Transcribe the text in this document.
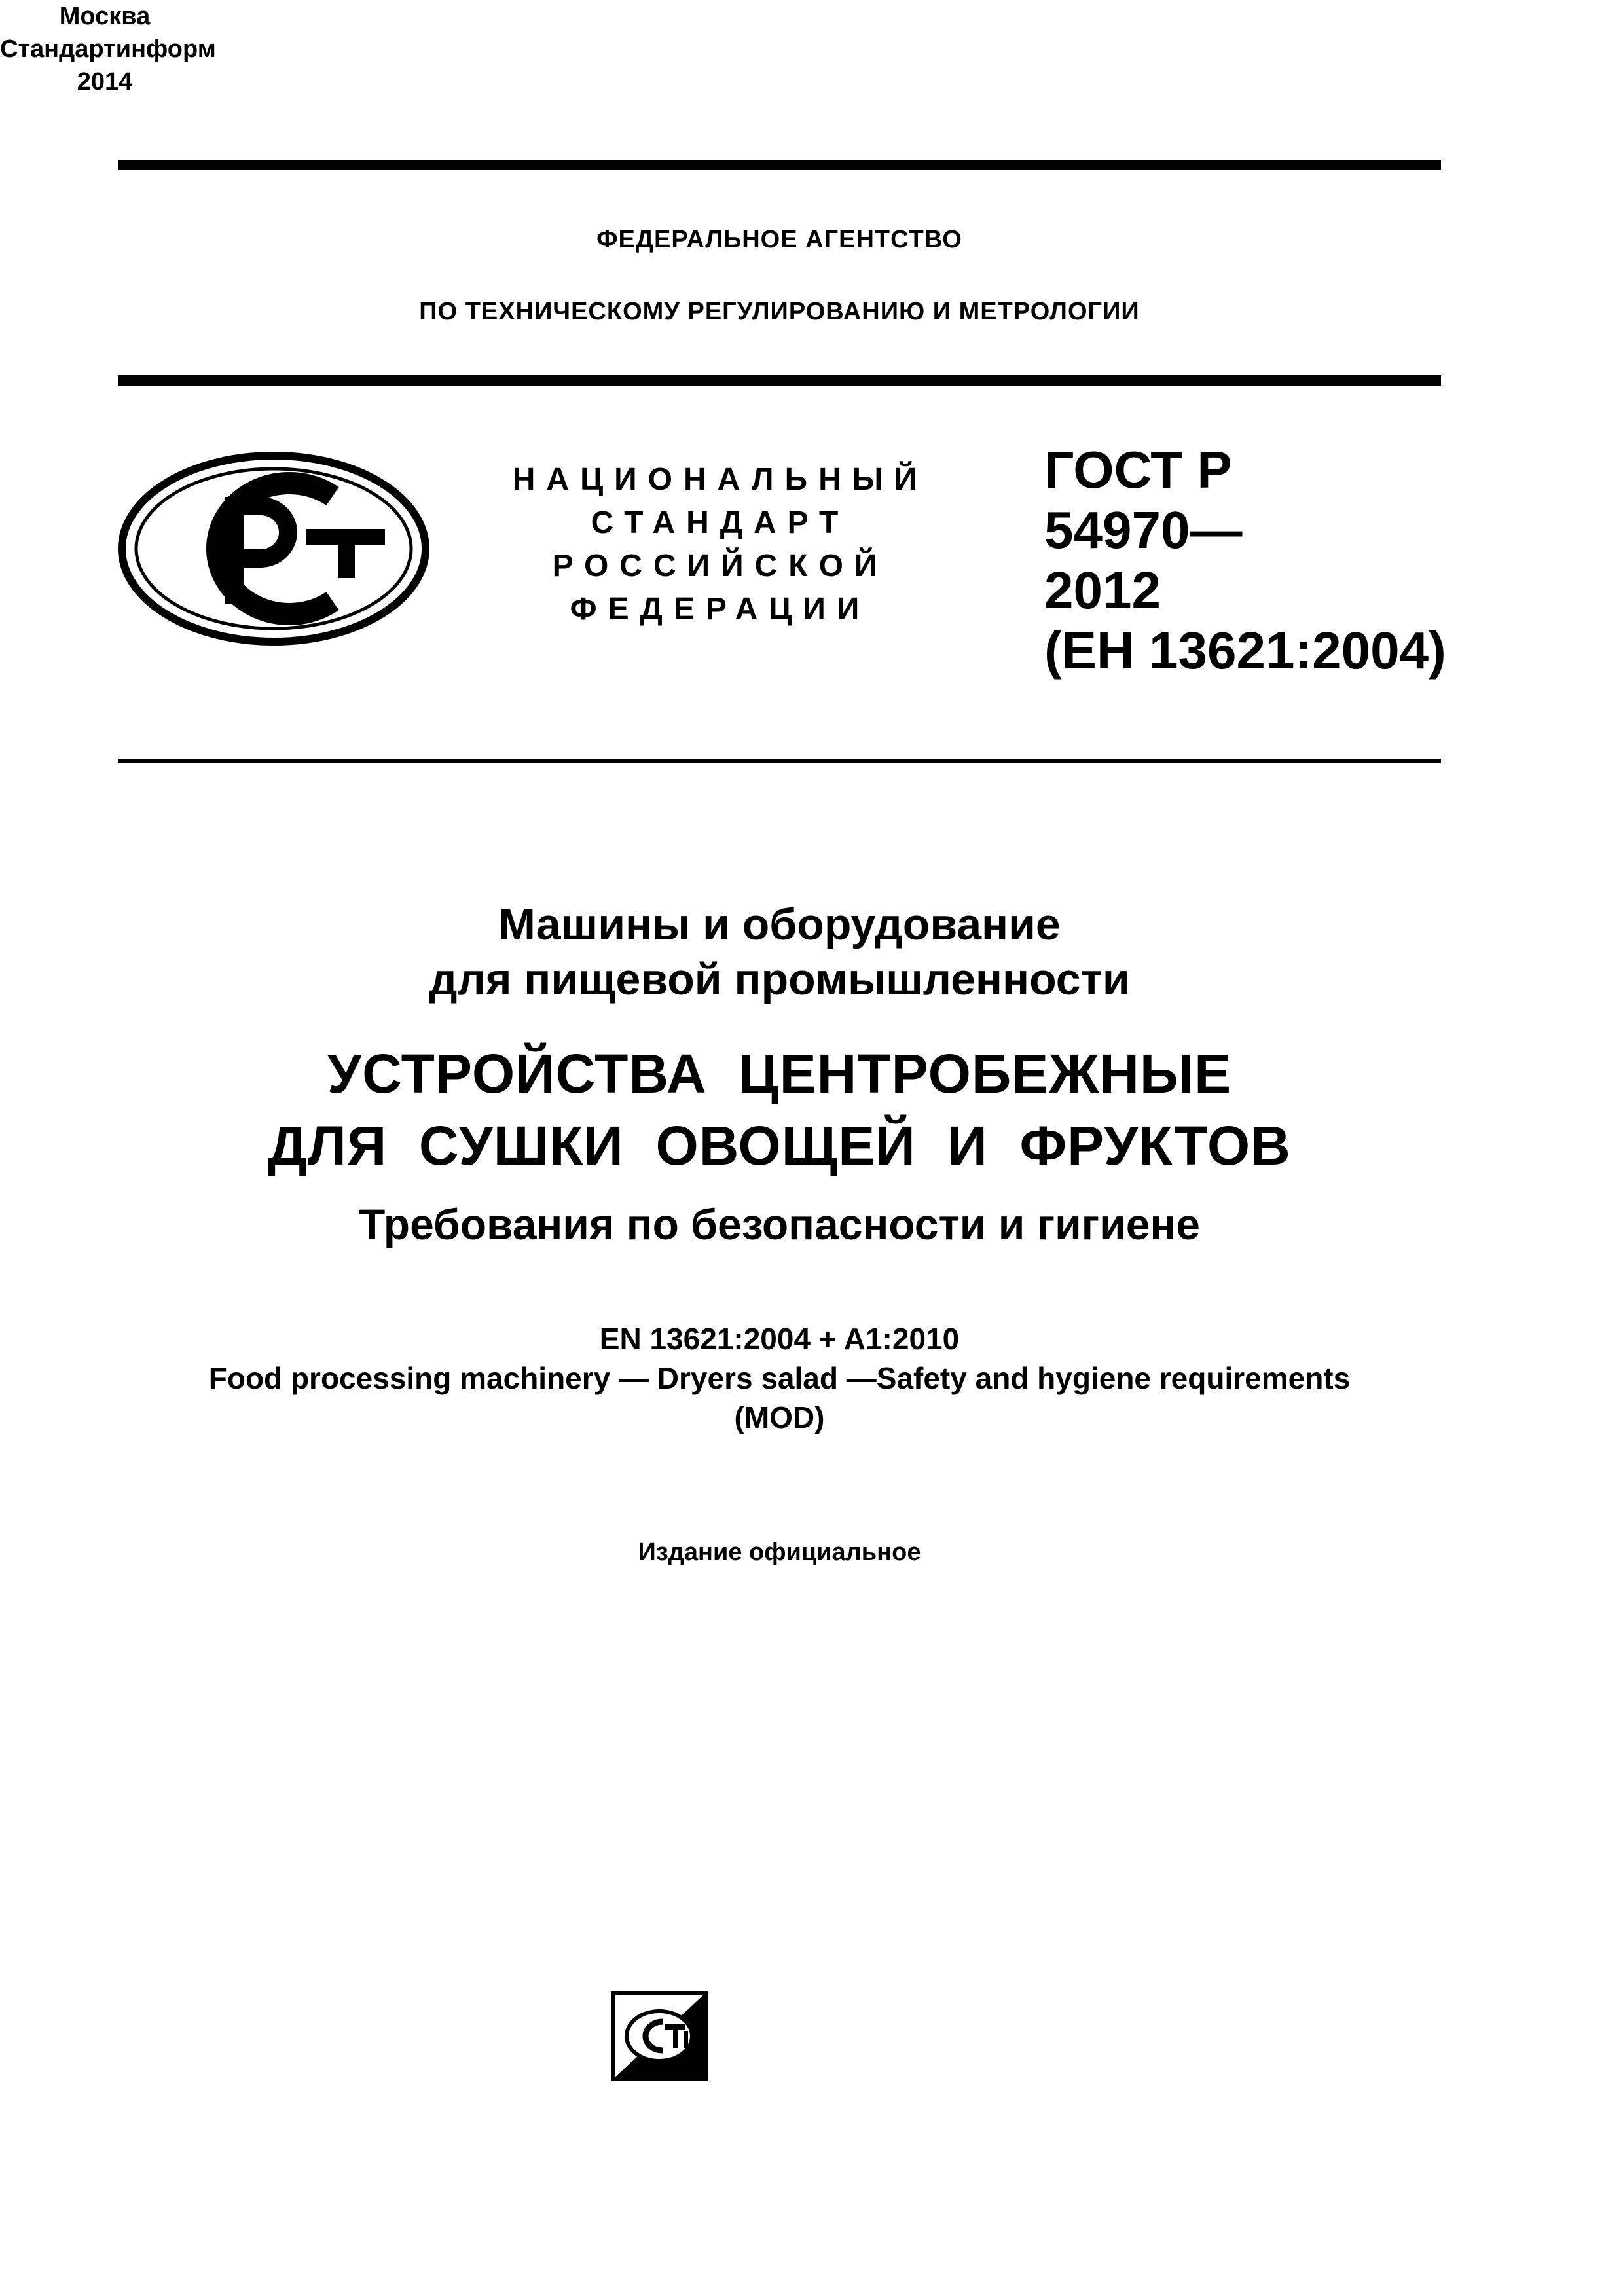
ФЕДЕРАЛЬНОЕ АГЕНТСТВО
ПО ТЕХНИЧЕСКОМУ РЕГУЛИРОВАНИЮ И МЕТРОЛОГИИ
НАЦИОНАЛЬНЫЙ
СТАНДАРТ
РОССИЙСКОЙ
ФЕДЕРАЦИИ
ГОСТ Р
54970—
2012
(ЕН 13621:2004)
Машины и оборудование
для пищевой промышленности
УСТРОЙСТВА  ЦЕНТРОБЕЖНЫЕ
ДЛЯ  СУШКИ  ОВОЩЕЙ  И  ФРУКТОВ
Требования по безопасности и гигиене
EN 13621:2004 + A1:2010
Food processing machinery — Dryers salad —Safety and hygiene requirements
(MOD)
Издание официальное
Москва
Стандартинформ
2014
